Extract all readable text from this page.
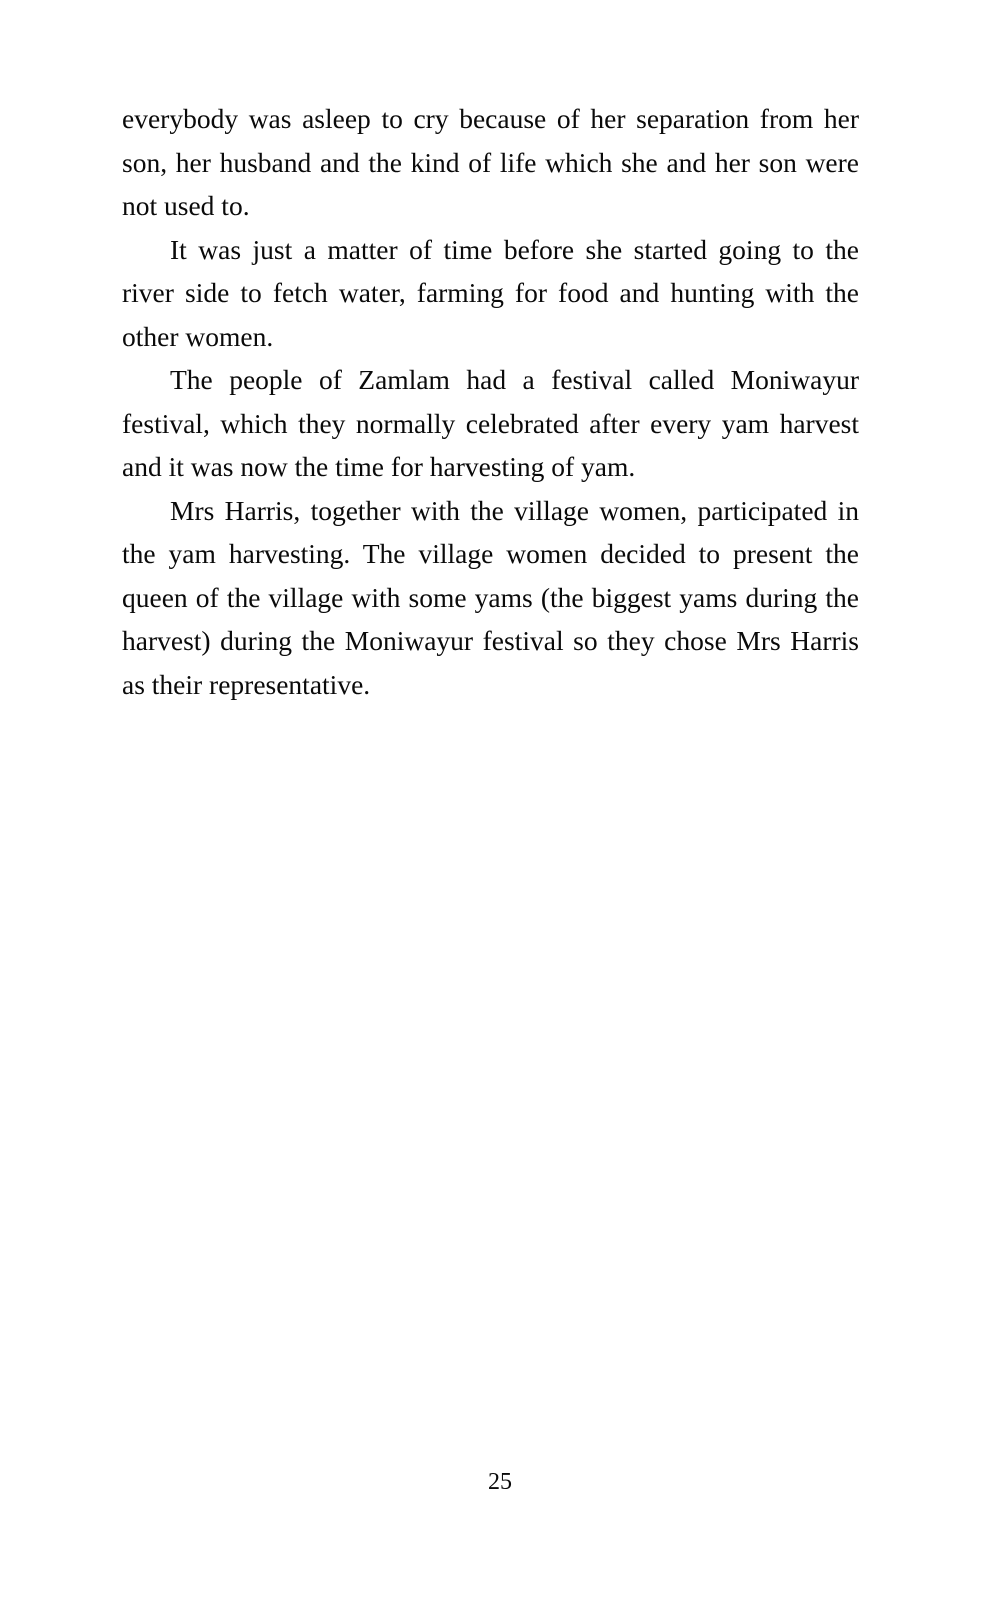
everybody was asleep to cry because of her separation from her son, her husband and the kind of life which she and her son were not used to.

It was just a matter of time before she started going to the river side to fetch water, farming for food and hunting with the other women.

The people of Zamlam had a festival called Moniwayur festival, which they normally celebrated after every yam harvest and it was now the time for harvesting of yam.

Mrs Harris, together with the village women, participated in the yam harvesting. The village women decided to present the queen of the village with some yams (the biggest yams during the harvest) during the Moniwayur festival so they chose Mrs Harris as their representative.

25
